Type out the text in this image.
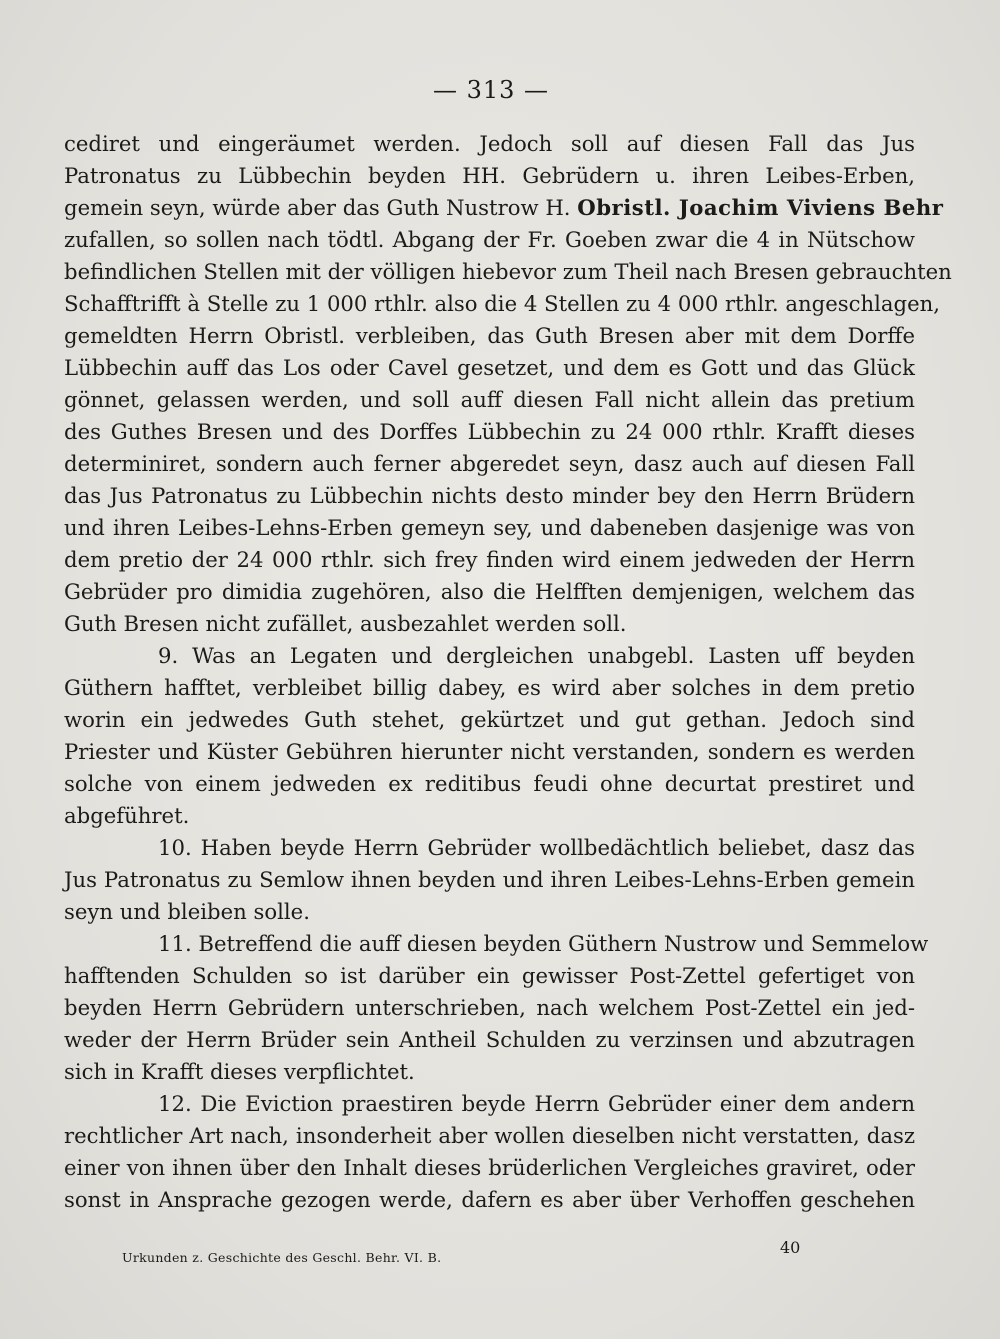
— 313 —
cediret und eingeräumet werden. Jedoch soll auf diesen Fall das Jus
Patronatus zu Lübbechin beyden HH. Gebrüdern u. ihren Leibes-Erben,
gemein seyn, würde aber das Guth Nustrow H. Obristl. Joachim Viviens Behr
zufallen, so sollen nach tödtl. Abgang der Fr. Goeben zwar die 4 in Nütschow
befindlichen Stellen mit der völligen hiebevor zum Theil nach Bresen gebrauchten
Schafftrifft à Stelle zu 1 000 rthlr. also die 4 Stellen zu 4 000 rthlr. angeschlagen,
gemeldten Herrn Obristl. verbleiben, das Guth Bresen aber mit dem Dorffe
Lübbechin auff das Los oder Cavel gesetzet, und dem es Gott und das Glück
gönnet, gelassen werden, und soll auff diesen Fall nicht allein das pretium
des Guthes Bresen und des Dorffes Lübbechin zu 24 000 rthlr. Krafft dieses
determiniret, sondern auch ferner abgeredet seyn, dasz auch auf diesen Fall
das Jus Patronatus zu Lübbechin nichts desto minder bey den Herrn Brüdern
und ihren Leibes-Lehns-Erben gemeyn sey, und dabeneben dasjenige was von
dem pretio der 24 000 rthlr. sich frey finden wird einem jedweden der Herrn
Gebrüder pro dimidia zugehören, also die Helfften demjenigen, welchem das
Guth Bresen nicht zufället, ausbezahlet werden soll.
9. Was an Legaten und dergleichen unabgebl. Lasten uff beyden
Güthern hafftet, verbleibet billig dabey, es wird aber solches in dem pretio
worin ein jedwedes Guth stehet, gekürtzet und gut gethan. Jedoch sind
Priester und Küster Gebühren hierunter nicht verstanden, sondern es werden
solche von einem jedweden ex reditibus feudi ohne decurtat prestiret und
abgeführet.
10. Haben beyde Herrn Gebrüder wollbedächtlich beliebet, dasz das
Jus Patronatus zu Semlow ihnen beyden und ihren Leibes-Lehns-Erben gemein
seyn und bleiben solle.
11. Betreffend die auff diesen beyden Güthern Nustrow und Semmelow
hafftenden Schulden so ist darüber ein gewisser Post-Zettel gefertiget von
beyden Herrn Gebrüdern unterschrieben, nach welchem Post-Zettel ein jed-
weder der Herrn Brüder sein Antheil Schulden zu verzinsen und abzutragen
sich in Krafft dieses verpflichtet.
12. Die Eviction praestiren beyde Herrn Gebrüder einer dem andern
rechtlicher Art nach, insonderheit aber wollen dieselben nicht verstatten, dasz
einer von ihnen über den Inhalt dieses brüderlichen Vergleiches graviret, oder
sonst in Ansprache gezogen werde, dafern es aber über Verhoffen geschehen
Urkunden z. Geschichte des Geschl. Behr. VI. B.
40
